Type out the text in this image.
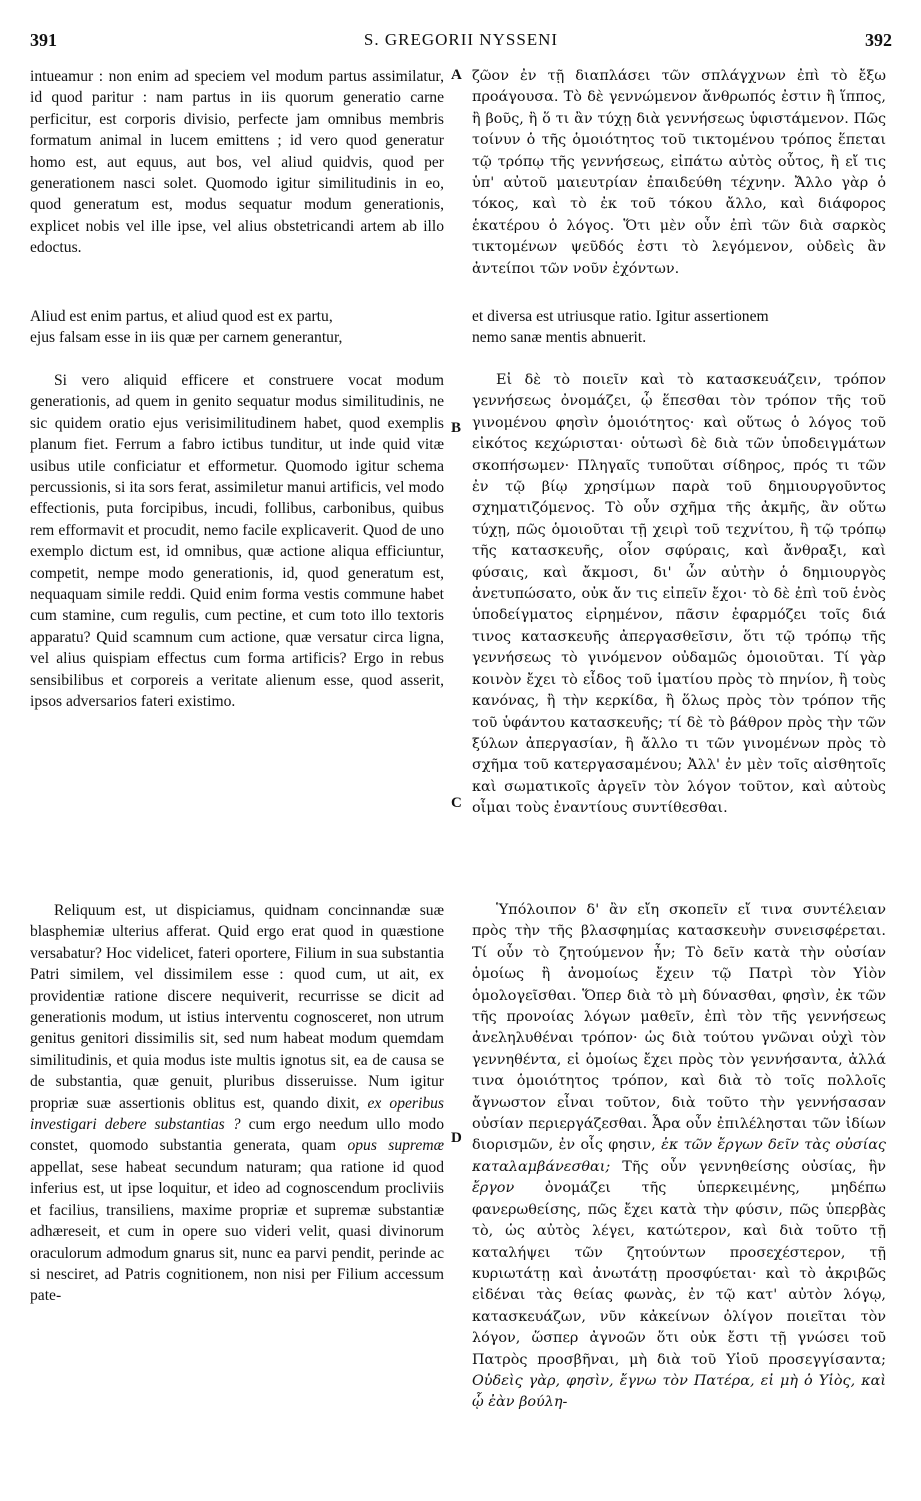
391	S. GREGORII NYSSENI	392
A
B
C
D

intueamur : non enim ad speciem vel modum partus assimilatur, id quod paritur : nam partus in iis quorum generatio carne perficitur, est corporis divisio, perfecte jam omnibus membris formatum animal in lucem emittens ; id vero quod generatur homo est, aut equus, aut bos, vel aliud quidvis, quod per generationem nasci solet. Quomodo igitur similitudinis in eo, quod generatum est, modus sequatur modum generationis, explicet nobis vel ille ipse, vel alius obstetricandi artem ab illo edoctus.

ζῶον ἐν τῇ διαπλάσει τῶν σπλάγχνων ἐπὶ τὸ ἔξω προάγουσα. Τὸ δὲ γεννώμενον ἄνθρωπός ἐστιν ἢ ἵππος, ἢ βοῦς, ἢ ὅ τι ἂν τύχῃ διὰ γεννήσεως ὑφιστάμενον. Πῶς τοίνυν ὁ τῆς ὁμοιότητος τοῦ τικτομένου τρόπος ἕπεται τῷ τρόπῳ τῆς γεννήσεως, εἰπάτω αὐτὸς οὗτος, ἢ εἴ τις ὑπ' αὐτοῦ μαιευτρίαν ἐπαιδεύθη τέχνην. Ἄλλο γὰρ ὁ τόκος, καὶ τὸ ἐκ τοῦ τόκου ἄλλο, καὶ διάφορος ἑκατέρου ὁ λόγος. Ὅτι μὲν οὖν ἐπὶ τῶν διὰ σαρκὸς τικτομένων ψεῦδός ἐστι τὸ λεγόμενον, οὐδεὶς ἂν ἀντείποι τῶν νοῦν ἐχόντων.

Aliud est enim partus, et aliud quod est ex partu,	et diversa est utriusque ratio. Igitur assertionem
ejus falsam esse in iis quæ per carnem generantur,	nemo sanæ mentis abnuerit.

Si vero aliquid efficere et construere vocat modum generationis, ad quem in genito sequatur modus similitudinis, ne sic quidem oratio ejus verisimilitudinem habet, quod exemplis planum fiet. Ferrum a fabro ictibus tunditur, ut inde quid vitæ usibus utile conficiatur et efformetur. Quomodo igitur schema percussionis, si ita sors ferat, assimiletur manui artificis, vel modo effectionis, puta forcipibus, incudi, follibus, carbonibus, quibus rem efformavit et procudit, nemo facile explicaverit. Quod de uno exemplo dictum est, id omnibus, quæ actione aliqua efficiuntur, competit, nempe modo generationis, id, quod generatum est, nequaquam simile reddi. Quid enim forma vestis commune habet cum stamine, cum regulis, cum pectine, et cum toto illo textoris apparatu? Quid scamnum cum actione, quæ versatur circa ligna, vel alius quispiam effectus cum forma artificis? Ergo in rebus sensibilibus et corporeis a veritate alienum esse, quod asserit, ipsos adversarios fateri existimo.

Εἰ δὲ τὸ ποιεῖν καὶ τὸ κατασκευάζειν, τρόπον γεννήσεως ὀνομάζει, ᾧ ἕπεσθαι τὸν τρόπον τῆς τοῦ γινομένου φησὶν ὁμοιότητος· καὶ οὕτως ὁ λόγος τοῦ εἰκότος κεχώρισται· οὑτωσὶ δὲ διὰ τῶν ὑποδειγμάτων σκοπήσωμεν· Πληγαῖς τυποῦται σίδηρος, πρός τι τῶν ἐν τῷ βίῳ χρησίμων παρὰ τοῦ δημιουργοῦντος σχηματιζόμενος. Τὸ οὖν σχῆμα τῆς ἀκμῆς, ἂν οὕτω τύχῃ, πῶς ὁμοιοῦται τῇ χειρὶ τοῦ τεχνίτου, ἢ τῷ τρόπῳ τῆς κατασκευῆς, οἷον σφύραις, καὶ ἄνθραξι, καὶ φύσαις, καὶ ἄκμοσι, δι' ὧν αὐτὴν ὁ δημιουργὸς ἀνετυπώσατο, οὐκ ἄν τις εἰπεῖν ἔχοι· τὸ δὲ ἐπὶ τοῦ ἑνὸς ὑποδείγματος εἰρημένον, πᾶσιν ἐφαρμόζει τοῖς διά τινος κατασκευῆς ἀπεργασθεῖσιν, ὅτι τῷ τρόπῳ τῆς γεννήσεως τὸ γινόμενον οὐδαμῶς ὁμοιοῦται. Τί γὰρ κοινὸν ἔχει τὸ εἶδος τοῦ ἱματίου πρὸς τὸ πηνίον, ἢ τοὺς κανόνας, ἢ τὴν κερκίδα, ἢ ὅλως πρὸς τὸν τρόπον τῆς τοῦ ὑφάντου κατασκευῆς; τί δὲ τὸ βάθρον πρὸς τὴν τῶν ξύλων ἀπεργασίαν, ἢ ἄλλο τι τῶν γινομένων πρὸς τὸ σχῆμα τοῦ κατεργασαμένου; Ἀλλ' ἐν μὲν τοῖς αἰσθητοῖς καὶ σωματικοῖς ἀργεῖν τὸν λόγον τοῦτον, καὶ αὐτοὺς οἶμαι τοὺς ἐναντίους συντίθεσθαι.

Reliquum est, ut dispiciamus, quidnam concinnandæ suæ blasphemiæ ulterius afferat. Quid ergo erat quod in quæstione versabatur? Hoc videlicet, fateri oportere, Filium in sua substantia Patri similem, vel dissimilem esse : quod cum, ut ait, ex providentiæ ratione discere nequiverit, recurrisse se dicit ad generationis modum, ut istius interventu cognosceret, non utrum genitus genitori dissimilis sit, sed num habeat modum quemdam similitudinis, et quia modus iste multis ignotus sit, ea de causa se de substantia, quæ genuit, pluribus disseruisse. Num igitur propriæ suæ assertionis oblitus est, quando dixit, ex operibus investigari debere substantias ? cum ergo needum ullo modo constet, quomodo substantia generata, quam opus supremæ appellat, sese habeat secundum naturam; qua ratione id quod inferius est, ut ipse loquitur, et ideo ad cognoscendum procliviis et facilius, transiliens, maxime propriæ et supremæ substantiæ adhæreseit, et cum in opere suo videri velit, quasi divinorum oraculorum admodum gnarus sit, nunc ea parvi pendit, perinde ac si nesciret, ad Patris cognitionem, non nisi per Filium accessum pate-

Ὑπόλοιπον δ' ἂν εἴη σκοπεῖν εἴ τινα συντέλειαν πρὸς τὴν τῆς βλασφημίας κατασκευὴν συνεισφέρεται. Τί οὖν τὸ ζητούμενον ἦν; Τὸ δεῖν κατὰ τὴν οὐσίαν ὁμοίως ἢ ἀνομοίως ἔχειν τῷ Πατρὶ τὸν Υἱὸν ὁμολογεῖσθαι. Ὅπερ διὰ τὸ μὴ δύνασθαι, φησὶν, ἐκ τῶν τῆς προνοίας λόγων μαθεῖν, ἐπὶ τὸν τῆς γεννήσεως ἀνεληλυθέναι τρόπον· ὡς διὰ τούτου γνῶναι οὐχὶ τὸν γεννηθέντα, εἰ ὁμοίως ἔχει πρὸς τὸν γεννήσαντα, ἀλλά τινα ὁμοιότητος τρόπον, καὶ διὰ τὸ τοῖς πολλοῖς ἄγνωστον εἶναι τοῦτον, διὰ τοῦτο τὴν γεννήσασαν οὐσίαν περιεργάζεσθαι. Ἆρα οὖν ἐπιλέλησται τῶν ἰδίων διορισμῶν, ἐν οἷς φησιν, ἐκ τῶν ἔργων δεῖν τὰς οὐσίας καταλαμβάνεσθαι; Τῆς οὖν γεννηθείσης οὐσίας, ἣν ἔργον ὀνομάζει τῆς ὑπερκειμένης, μηδέπω φανερωθείσης, πῶς ἔχει κατὰ τὴν φύσιν, πῶς ὑπερβὰς τὸ, ὡς αὐτὸς λέγει, κατώτερον, καὶ διὰ τοῦτο τῇ καταλήψει τῶν ζητούντων προσεχέστερον, τῇ κυριωτάτῃ καὶ ἀνωτάτῃ προσφύεται· καὶ τὸ ἀκριβῶς εἰδέναι τὰς θείας φωνὰς, ἐν τῷ κατ' αὐτὸν λόγῳ, κατασκευάζων, νῦν κἀκείνων ὀλίγον ποιεῖται τὸν λόγον, ὥσπερ ἀγνοῶν ὅτι οὐκ ἔστι τῇ γνώσει τοῦ Πατρὸς προσβῆναι, μὴ διὰ τοῦ Υἱοῦ προσεγγίσαντα; Οὐδεὶς γὰρ, φησὶν, ἔγνω τὸν Πατέρα, εἰ μὴ ὁ Υἱὸς, καὶ ᾧ ἐὰν βούλη-
